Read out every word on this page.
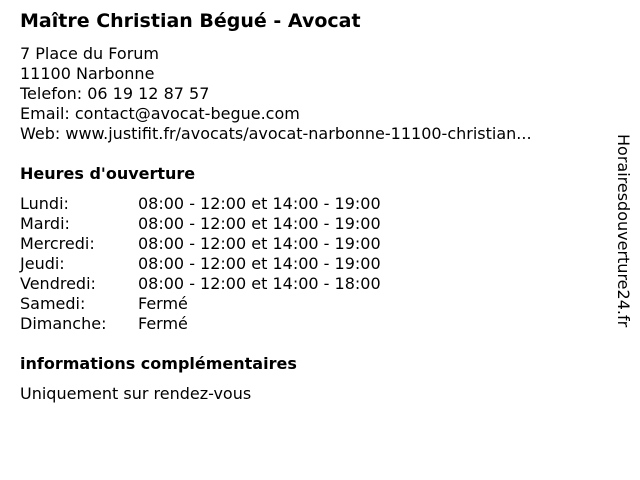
Maître Christian Bégué - Avocat
7 Place du Forum
11100 Narbonne
Telefon: 06 19 12 87 57
Email: contact@avocat-begue.com
Web: www.justifit.fr/avocats/avocat-narbonne-11100-christian...
Heures d'ouverture
Lundi:	08:00 - 12:00 et 14:00 - 19:00
Mardi:	08:00 - 12:00 et 14:00 - 19:00
Mercredi:	08:00 - 12:00 et 14:00 - 19:00
Jeudi:	08:00 - 12:00 et 14:00 - 19:00
Vendredi:	08:00 - 12:00 et 14:00 - 18:00
Samedi:	Fermé
Dimanche:	Fermé
informations complémentaires
Uniquement sur rendez-vous
Horairesdouverture24.fr
